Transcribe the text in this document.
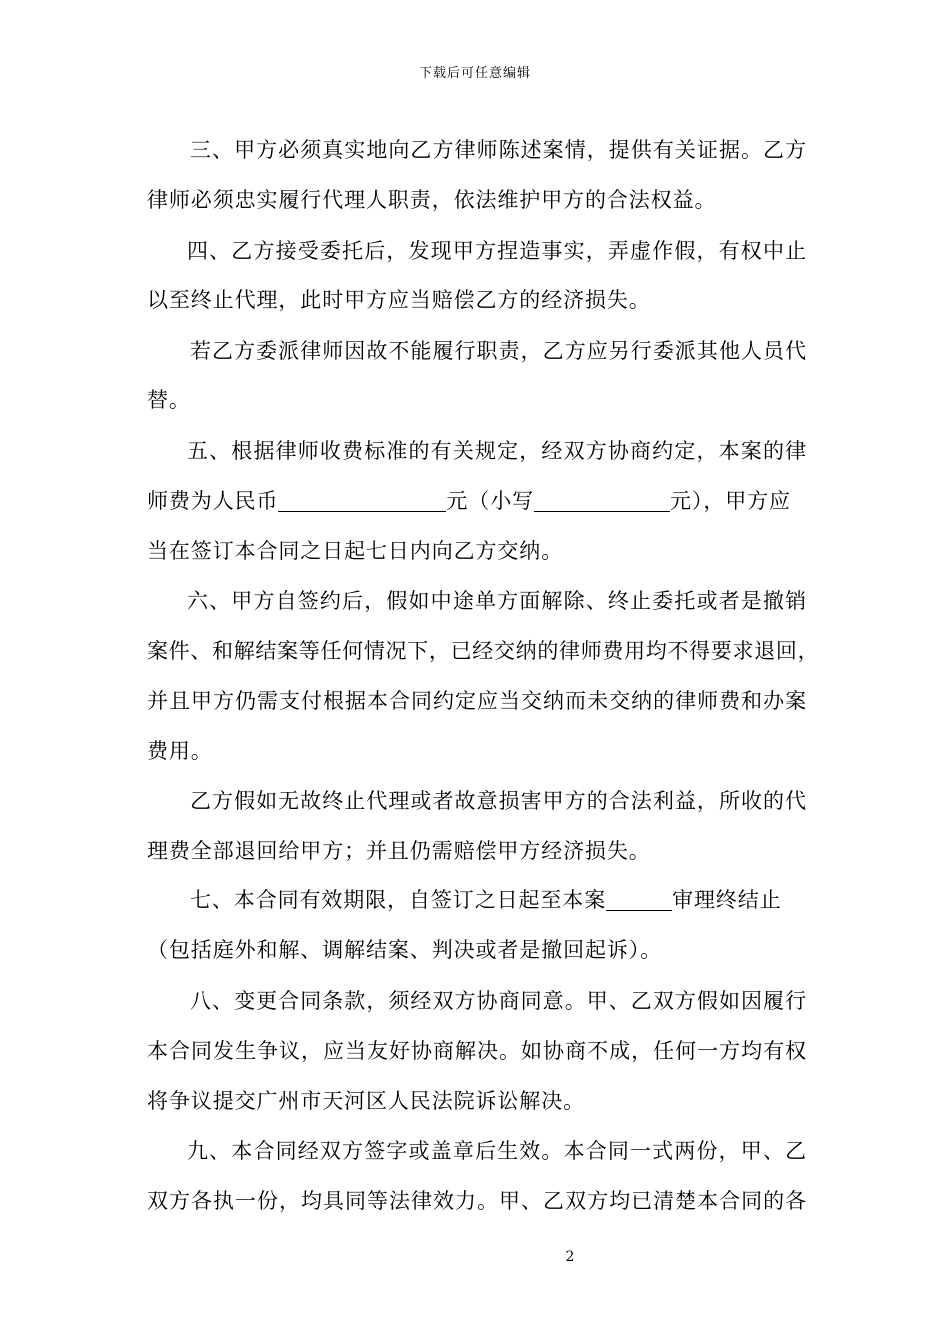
下载后可任意编辑
三、甲方必须真实地向乙方律师陈述案情，提供有关证据。乙方
律师必须忠实履行代理人职责，依法维护甲方的合法权益。
四、乙方接受委托后，发现甲方捏造事实，弄虚作假，有权中止
以至终止代理，此时甲方应当赔偿乙方的经济损失。
若乙方委派律师因故不能履行职责，乙方应另行委派其他人员代
替。
五、根据律师收费标准的有关规定，经双方协商约定，本案的律
师费为人民币	元（小写	元），甲方应
当在签订本合同之日起七日内向乙方交纳。
六、甲方自签约后，假如中途单方面解除、终止委托或者是撤销
案件、和解结案等任何情况下，已经交纳的律师费用均不得要求退回，
并且甲方仍需支付根据本合同约定应当交纳而未交纳的律师费和办案
费用。
乙方假如无故终止代理或者故意损害甲方的合法利益，所收的代
理费全部退回给甲方；并且仍需赔偿甲方经济损失。
七、本合同有效期限，自签订之日起至本案	审理终结止
（包括庭外和解、调解结案、判决或者是撤回起诉）。
八、变更合同条款，须经双方协商同意。甲、乙双方假如因履行
本合同发生争议，应当友好协商解决。如协商不成，任何一方均有权
将争议提交广州市天河区人民法院诉讼解决。
九、本合同经双方签字或盖章后生效。本合同一式两份，甲、乙
双方各执一份，均具同等法律效力。甲、乙双方均已清楚本合同的各
2
